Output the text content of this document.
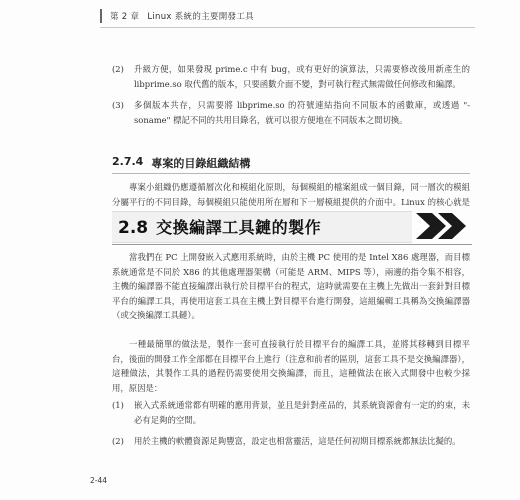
第 2 章 Linux 系統的主要開發工具
(2) 升級方便，如果發現 prime.c 中有 bug，或有更好的演算法，只需要修改後用新產生的 libprime.so 取代舊的版本，只要函數介面不變，對可執行程式無需做任何修改和編譯。
(3) 多個版本共存，只需要將 libprime.so 的符號連結指向不同版本的函數庫，或透過 "-soname" 標記不同的共用目錄名，就可以很方便地在不同版本之間切換。
2.7.4 專案的目錄組織結構
專案小組織仍應遵循層次化和模組化原則，每個模組的檔案組成一個目錄，同一層次的模組分屬平行的不同目錄，每個模組只能使用所在層和下一層模組提供的介面中。Linux 的核心就是
2.8 交換編譯工具鏈的製作
當我們在 PC 上開發嵌入式應用系統時，由於主機 PC 使用的是 Intel X86 處理器，而目標系統通常是不同於 X86 的其他處理器架構（可能是 ARM、MIPS 等），兩邊的指令集不相容，主機的編譯器不能直接編譯出執行於目標平台的程式，這時就需要在主機上先做出一套針對目標平台的編譯工具，再使用這套工具在主機上對目標平台進行開發，這組編輯工具稱為交換編譯器（或交換編譯工具鏈）。
一種最簡單的做法是，製作一套可直接執行於目標平台的編譯工具，並將其移轉到目標平台，後面的開發工作全部都在目標平台上進行（注意和前者的區別，這套工具不是交換編譯器），這種做法，其製作工具的過程仍需要使用交換編譯，而且，這種做法在嵌入式開發中也較少採用，原因是：
(1) 嵌入式系統通常都有明確的應用背景，並且是針對產品的，其系統資源會有一定的約束，未必有足夠的空間。
(2) 用於主機的軟體資源足夠豐富，設定也相當靈活，這是任何初期目標系統都無法比擬的。
2-44
